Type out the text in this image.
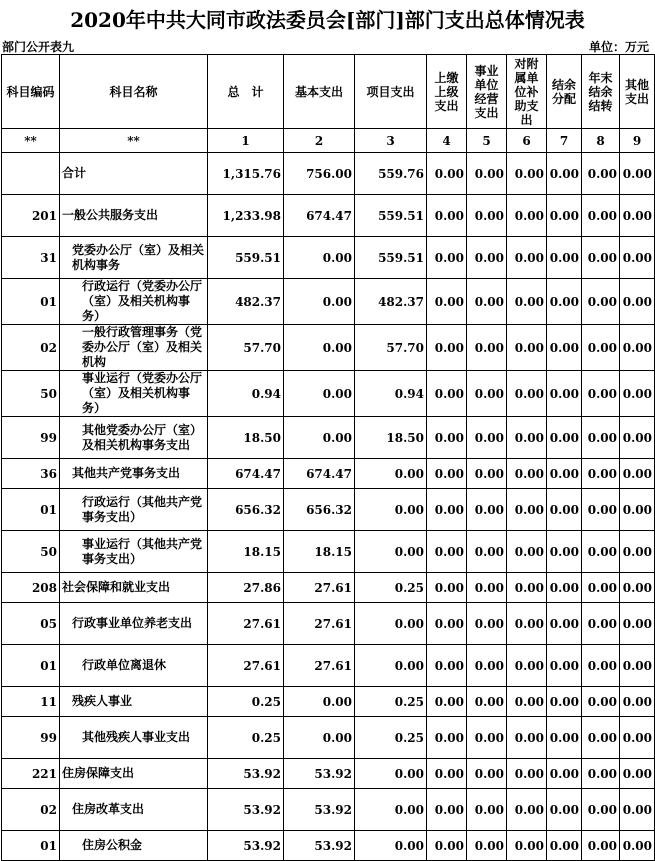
2020年中共大同市政法委员会[部门]部门支出总体情况表
部门公开表九	单位：万元
科目编码	科目名称	总　计	基本支出	项目支出	上缴上级支出	事业单位经营支出	对附属单位补助支出	结余分配	年末结余结转	其他支出
**	**	1	2	3	4	5	6	7	8	9
	合计	1,315.76	756.00	559.76	0.00	0.00	0.00	0.00	0.00	0.00
201	一般公共服务支出	1,233.98	674.47	559.51	0.00	0.00	0.00	0.00	0.00	0.00
31	党委办公厅（室）及相关机构事务	559.51	0.00	559.51	0.00	0.00	0.00	0.00	0.00	0.00
01	行政运行（党委办公厅（室）及相关机构事务）	482.37	0.00	482.37	0.00	0.00	0.00	0.00	0.00	0.00
02	一般行政管理事务（党委办公厅（室）及相关机构	57.70	0.00	57.70	0.00	0.00	0.00	0.00	0.00	0.00
50	事业运行（党委办公厅（室）及相关机构事务）	0.94	0.00	0.94	0.00	0.00	0.00	0.00	0.00	0.00
99	其他党委办公厅（室）及相关机构事务支出	18.50	0.00	18.50	0.00	0.00	0.00	0.00	0.00	0.00
36	其他共产党事务支出	674.47	674.47	0.00	0.00	0.00	0.00	0.00	0.00	0.00
01	行政运行（其他共产党事务支出）	656.32	656.32	0.00	0.00	0.00	0.00	0.00	0.00	0.00
50	事业运行（其他共产党事务支出）	18.15	18.15	0.00	0.00	0.00	0.00	0.00	0.00	0.00
208	社会保障和就业支出	27.86	27.61	0.25	0.00	0.00	0.00	0.00	0.00	0.00
05	行政事业单位养老支出	27.61	27.61	0.00	0.00	0.00	0.00	0.00	0.00	0.00
01	行政单位离退休	27.61	27.61	0.00	0.00	0.00	0.00	0.00	0.00	0.00
11	残疾人事业	0.25	0.00	0.25	0.00	0.00	0.00	0.00	0.00	0.00
99	其他残疾人事业支出	0.25	0.00	0.25	0.00	0.00	0.00	0.00	0.00	0.00
221	住房保障支出	53.92	53.92	0.00	0.00	0.00	0.00	0.00	0.00	0.00
02	住房改革支出	53.92	53.92	0.00	0.00	0.00	0.00	0.00	0.00	0.00
01	住房公积金	53.92	53.92	0.00	0.00	0.00	0.00	0.00	0.00	0.00
